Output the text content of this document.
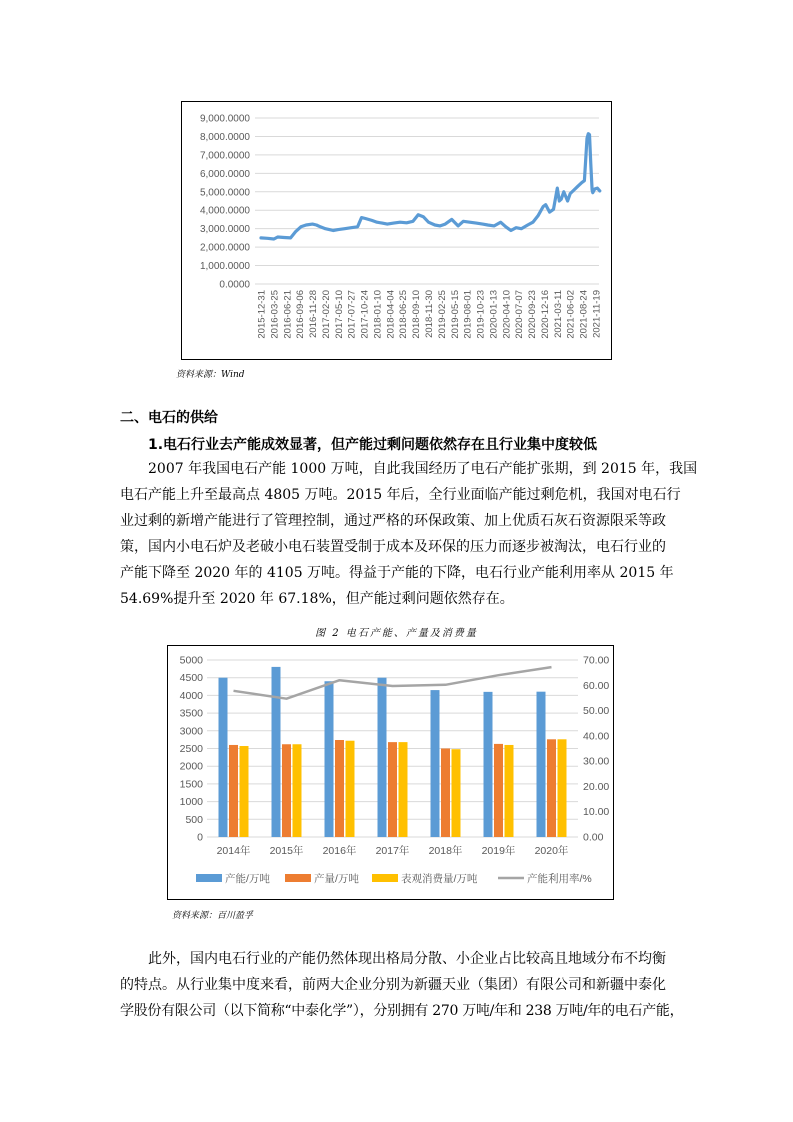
9,000.0000
8,000.0000
7,000.0000
6,000.0000
5,000.0000
4,000.0000
3,000.0000
2,000.0000
1,000.0000
0.0000
2015-12-31 2016-03-25 2016-06-21 2016-09-06 2016-11-28 2017-02-20 2017-05-10 2017-07-27 2017-10-24 2018-01-10 2018-04-04 2018-06-25 2018-09-10 2018-11-30 2019-02-25 2019-05-15 2019-08-01 2019-10-23 2020-01-13 2020-04-10 2020-07-07 2020-09-23 2020-12-16 2021-03-11 2021-06-02 2021-08-24 2021-11-19
资料来源：Wind
二、电石的供给
1.电石行业去产能成效显著，但产能过剩问题依然存在且行业集中度较低
2007 年我国电石产能 1000 万吨，自此我国经历了电石产能扩张期，到 2015 年，我国
电石产能上升至最高点 4805 万吨。2015 年后，全行业面临产能过剩危机，我国对电石行
业过剩的新增产能进行了管理控制，通过严格的环保政策、加上优质石灰石资源限采等政
策，国内小电石炉及老破小电石装置受制于成本及环保的压力而逐步被淘汰，电石行业的
产能下降至 2020 年的 4105 万吨。得益于产能的下降，电石行业产能利用率从 2015 年
54.69%提升至 2020 年 67.18%，但产能过剩问题依然存在。
图 2 电石产能、产量及消费量
5000
4500
4000
3500
3000
2500
2000
1500
1000
500
0
70.00
60.00
50.00
40.00
30.00
20.00
10.00
0.00
2014年 2015年 2016年 2017年 2018年 2019年 2020年
产能/万吨	产量/万吨	表观消费量/万吨	产能利用率/%
资料来源：百川盈孚
此外，国内电石行业的产能仍然体现出格局分散、小企业占比较高且地域分布不均衡
的特点。从行业集中度来看，前两大企业分别为新疆天业（集团）有限公司和新疆中泰化
学股份有限公司（以下简称“中泰化学”），分别拥有 270 万吨/年和 238 万吨/年的电石产能，
